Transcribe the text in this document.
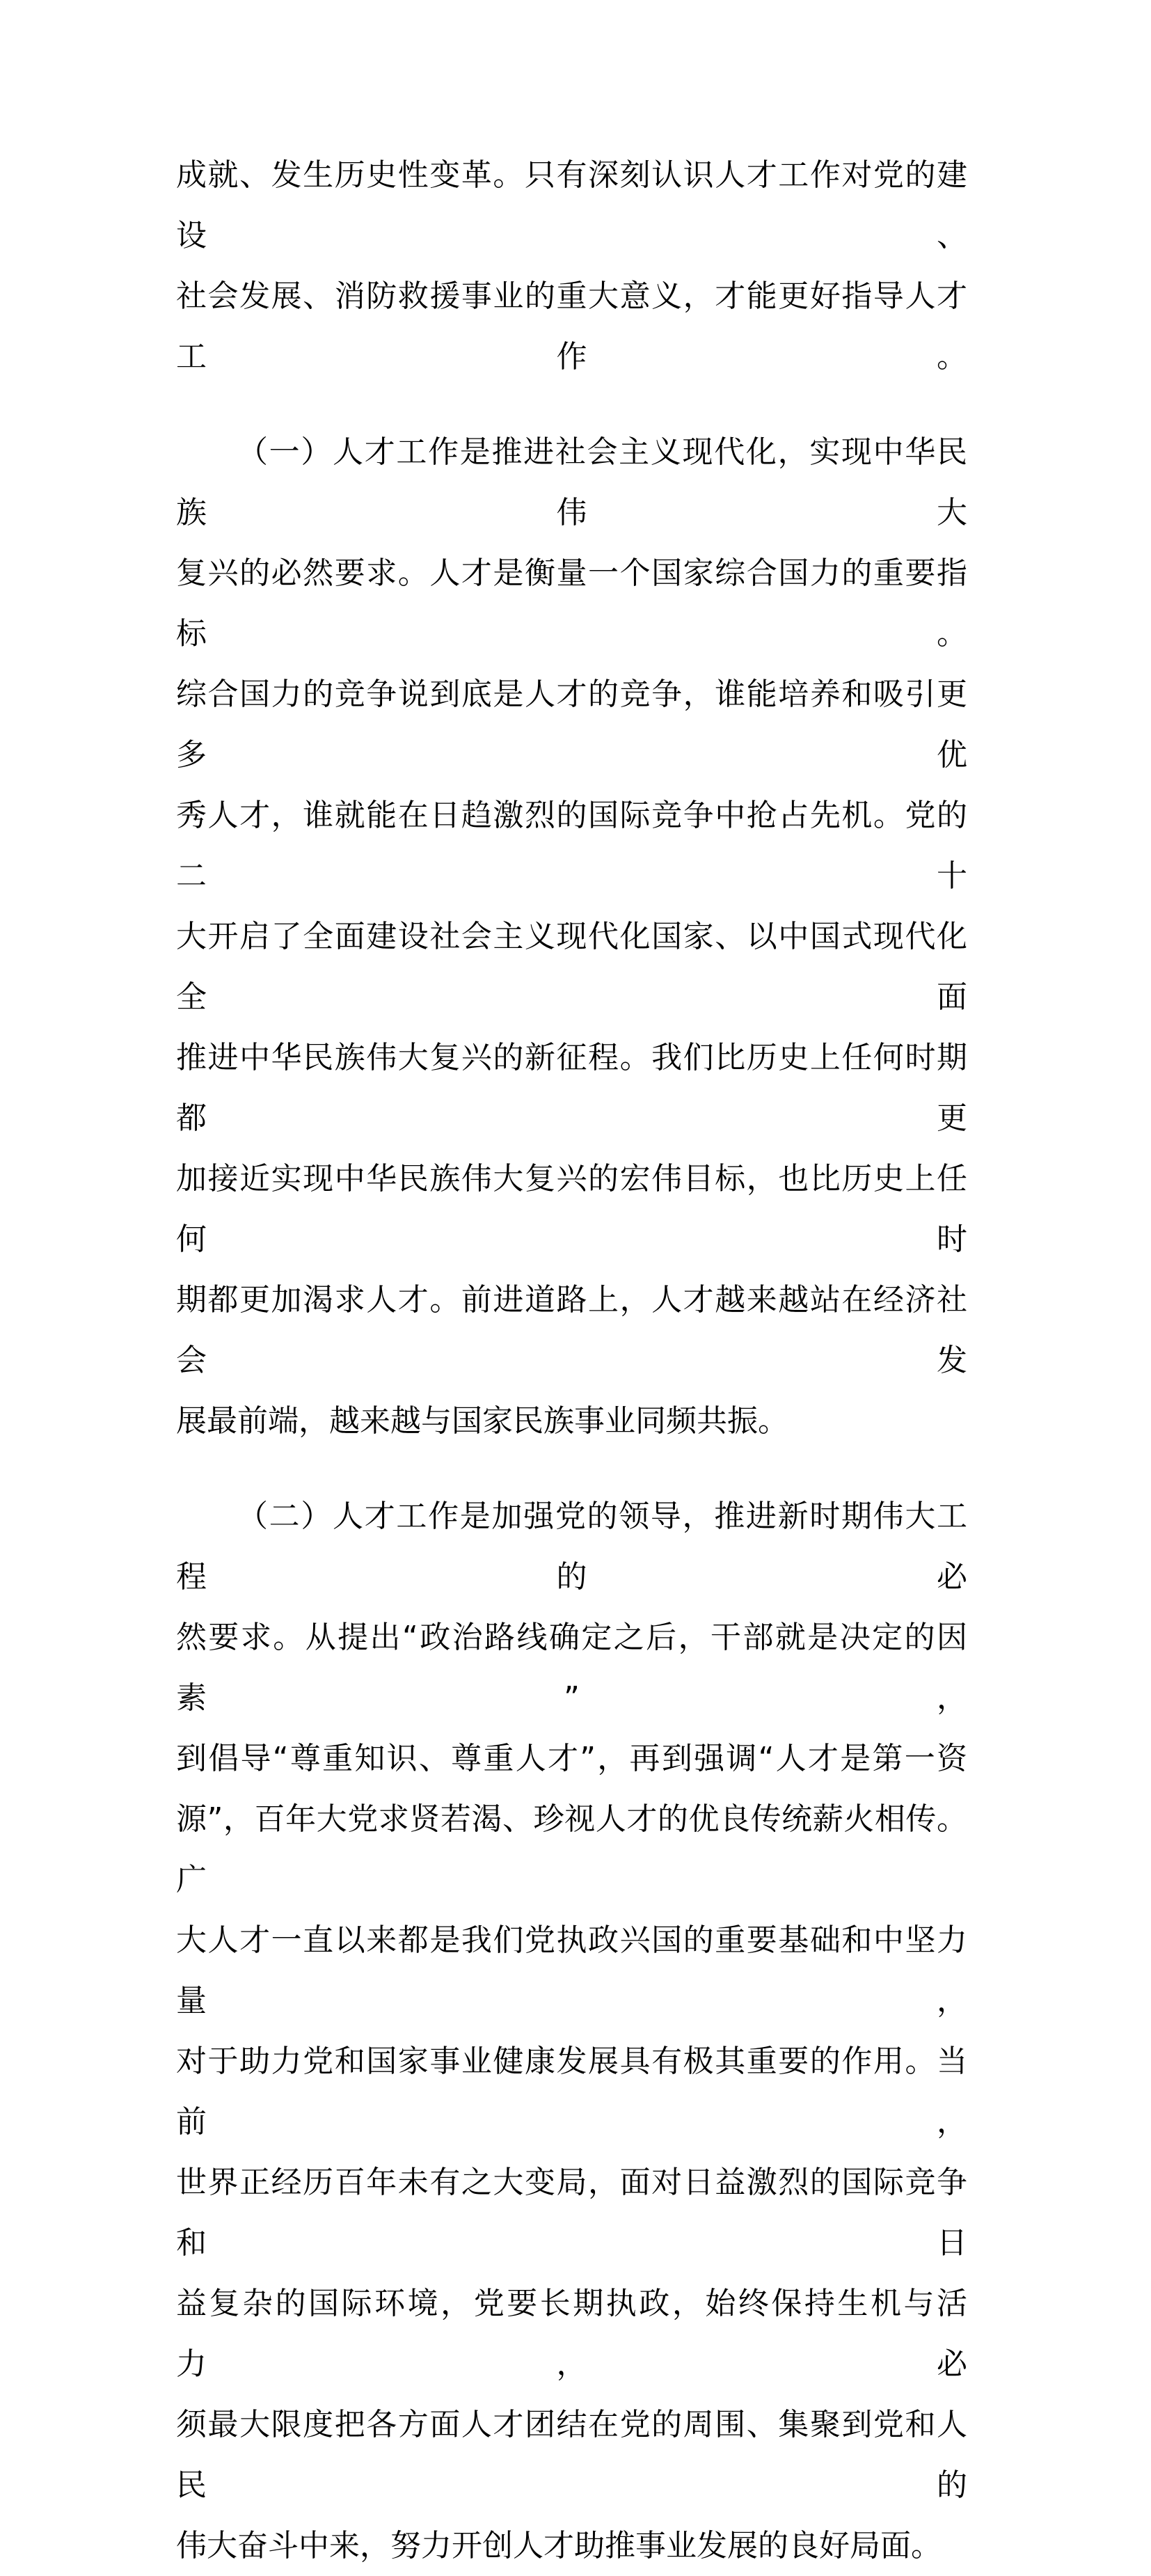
成就、发生历史性变革。只有深刻认识人才工作对党的建设、
社会发展、消防救援事业的重大意义，才能更好指导人才工作。
（一）人才工作是推进社会主义现代化，实现中华民族伟大
复兴的必然要求。人才是衡量一个国家综合国力的重要指标。
综合国力的竞争说到底是人才的竞争，谁能培养和吸引更多优
秀人才，谁就能在日趋激烈的国际竞争中抢占先机。党的二十
大开启了全面建设社会主义现代化国家、以中国式现代化全面
推进中华民族伟大复兴的新征程。我们比历史上任何时期都更
加接近实现中华民族伟大复兴的宏伟目标，也比历史上任何时
期都更加渴求人才。前进道路上，人才越来越站在经济社会发
展最前端，越来越与国家民族事业同频共振。
（二）人才工作是加强党的领导，推进新时期伟大工程的必
然要求。从提出“政治路线确定之后，干部就是决定的因素”，
到倡导“尊重知识、尊重人才”，再到强调“人才是第一资
源”，百年大党求贤若渴、珍视人才的优良传统薪火相传。广
大人才一直以来都是我们党执政兴国的重要基础和中坚力量，
对于助力党和国家事业健康发展具有极其重要的作用。当前，
世界正经历百年未有之大变局，面对日益激烈的国际竞争和日
益复杂的国际环境，党要长期执政，始终保持生机与活力，必
须最大限度把各方面人才团结在党的周围、集聚到党和人民的
伟大奋斗中来，努力开创人才助推事业发展的良好局面。
